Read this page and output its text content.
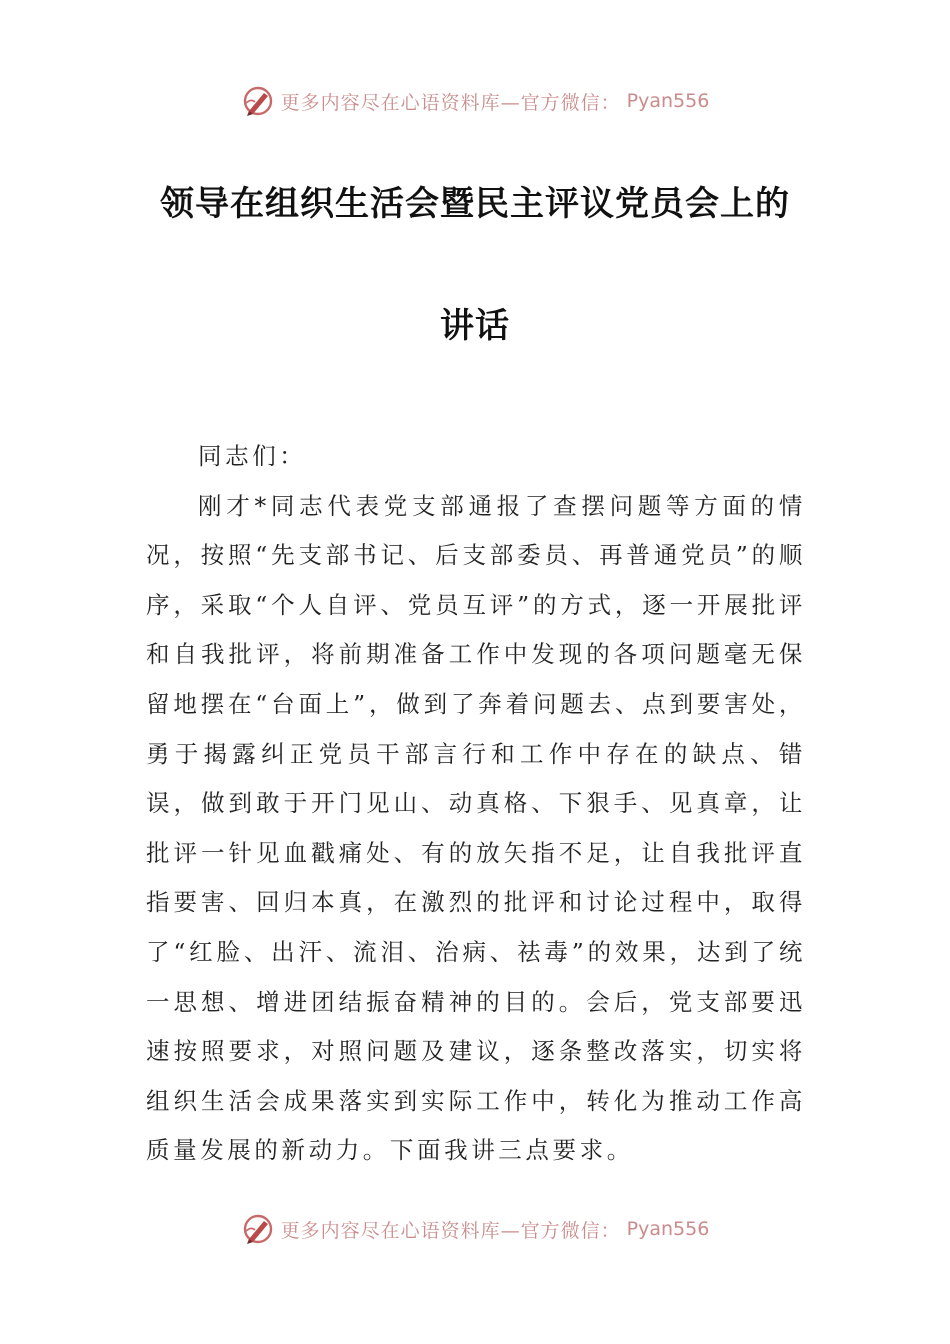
更多内容尽在心语资料库—官方微信： Pyan556
领导在组织生活会暨民主评议党员会上的
讲话

同志们：

刚才*同志代表党支部通报了查摆问题等方面的情况，按照“先支部书记、后支部委员、再普通党员”的顺序，采取“个人自评、党员互评”的方式，逐一开展批评和自我批评，将前期准备工作中发现的各项问题毫无保留地摆在“台面上”，做到了奔着问题去、点到要害处，勇于揭露纠正党员干部言行和工作中存在的缺点、错误，做到敢于开门见山、动真格、下狠手、见真章，让批评一针见血戳痛处、有的放矢指不足，让自我批评直指要害、回归本真，在激烈的批评和讨论过程中，取得了“红脸、出汗、流泪、治病、祛毒”的效果，达到了统一思想、增进团结振奋精神的目的。会后，党支部要迅速按照要求，对照问题及建议，逐条整改落实，切实将组织生活会成果落实到实际工作中，转化为推动工作高质量发展的新动力。下面我讲三点要求。

更多内容尽在心语资料库—官方微信： Pyan556
